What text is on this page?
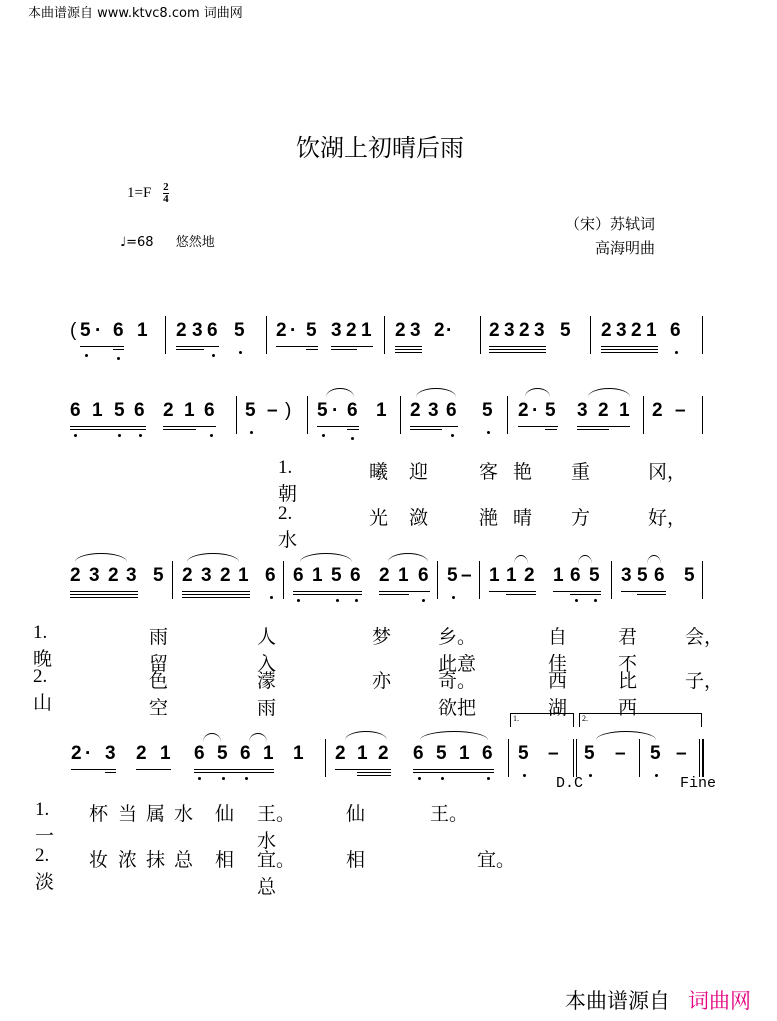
本曲谱源自 www.ktvc8.com 词曲网
饮湖上初晴后雨
$1=F \frac{2}{4}$
♩=68 悠然地
（宋）苏轼词
高海明曲
( 5 · 6 1 2 3 6 5 2 · 5 3 2 1 2 3 2 · 2 3 2 3 5 2 3 2 1 6
6 1 5 6 2 1 6 5 – ) 5 · 6 1 2 3 6 5 2 · 5 3 2 1 2 –
1.朝
曦 迎	客 艳 重	冈，
2.水
光 潋	滟 晴 方	好，
2 3 2 3 5 2 3 2 1 6 6 1 5 6 2 1 6 5 – 1 1 2 1 6 5 3 5 6 5
1.晚
雨留
人入
梦 乡。此意
自佳
君不
会，
2.山
色空
濛雨
亦 奇。欲把
西湖
比西
子，
2 · 3 2 1 6 5 6 1 1 2 1 2 6 5 1 6 5 – 5 – 5 –
1.	2.
D.C	Fine
1.一
杯 当 属 水 仙 王。水
仙	王。
2.淡
妆 浓 抹 总 相 宜。总
相	宜。
本曲谱源自 词曲网
